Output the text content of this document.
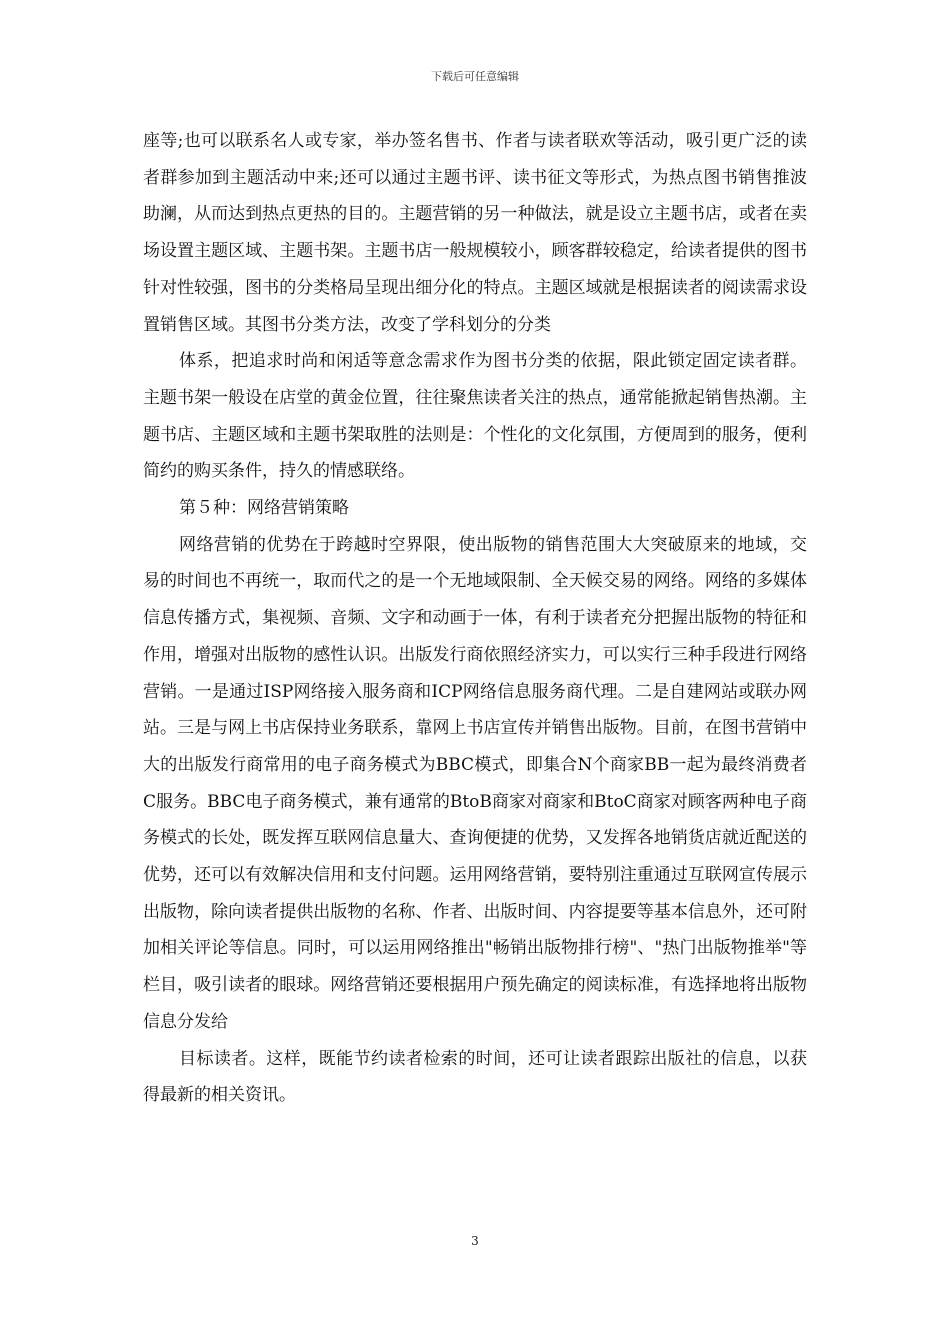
下载后可任意编辑

座等;也可以联系名人或专家，举办签名售书、作者与读者联欢等活动，吸引更广泛的读者群参加到主题活动中来;还可以通过主题书评、读书征文等形式，为热点图书销售推波助澜，从而达到热点更热的目的。主题营销的另一种做法，就是设立主题书店，或者在卖场设置主题区域、主题书架。主题书店一般规模较小，顾客群较稳定，给读者提供的图书针对性较强，图书的分类格局呈现出细分化的特点。主题区域就是根据读者的阅读需求设置销售区域。其图书分类方法，改变了学科划分的分类

体系，把追求时尚和闲适等意念需求作为图书分类的依据，限此锁定固定读者群。主题书架一般设在店堂的黄金位置，往往聚焦读者关注的热点，通常能掀起销售热潮。主题书店、主题区域和主题书架取胜的法则是：个性化的文化氛围，方便周到的服务，便利简约的购买条件，持久的情感联络。

第５种：网络营销策略

网络营销的优势在于跨越时空界限，使出版物的销售范围大大突破原来的地域，交易的时间也不再统一，取而代之的是一个无地域限制、全天候交易的网络。网络的多媒体信息传播方式，集视频、音频、文字和动画于一体，有利于读者充分把握出版物的特征和作用，增强对出版物的感性认识。出版发行商依照经济实力，可以实行三种手段进行网络营销。一是通过ISP网络接入服务商和ICP网络信息服务商代理。二是自建网站或联办网站。三是与网上书店保持业务联系，靠网上书店宣传并销售出版物。目前，在图书营销中大的出版发行商常用的电子商务模式为BBC模式，即集合N个商家BB一起为最终消费者C服务。BBC电子商务模式，兼有通常的BtoB商家对商家和BtoC商家对顾客两种电子商务模式的长处，既发挥互联网信息量大、查询便捷的优势，又发挥各地销货店就近配送的优势，还可以有效解决信用和支付问题。运用网络营销，要特别注重通过互联网宣传展示出版物，除向读者提供出版物的名称、作者、出版时间、内容提要等基本信息外，还可附加相关评论等信息。同时，可以运用网络推出"畅销出版物排行榜"、"热门出版物推举"等栏目，吸引读者的眼球。网络营销还要根据用户预先确定的阅读标准，有选择地将出版物信息分发给

目标读者。这样，既能节约读者检索的时间，还可让读者跟踪出版社的信息，以获得最新的相关资讯。

3
